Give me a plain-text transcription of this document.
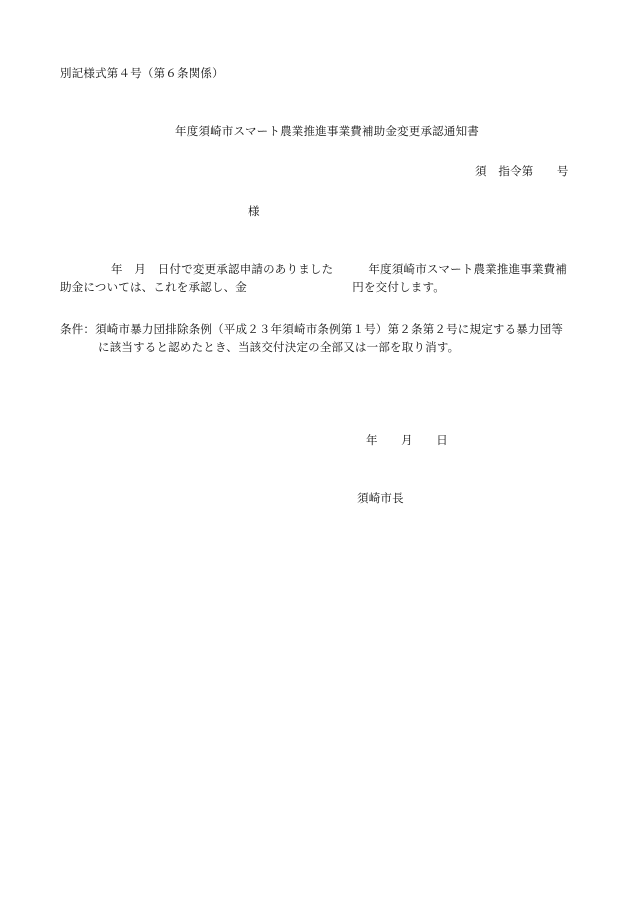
別記様式第４号（第６条関係）
年度須崎市スマート農業推進事業費補助金変更承認通知書
須　指令第　　号
様
年　月　日付で変更承認申請のありました　　　年度須崎市スマート農業推進事業費補
助金については、これを承認し、金　　　　　　　　　円を交付します。
条件：須崎市暴力団排除条例（平成２３年須崎市条例第１号）第２条第２号に規定する暴力団等
に該当すると認めたとき、当該交付決定の全部又は一部を取り消す。
年　　月　　日
須崎市長
